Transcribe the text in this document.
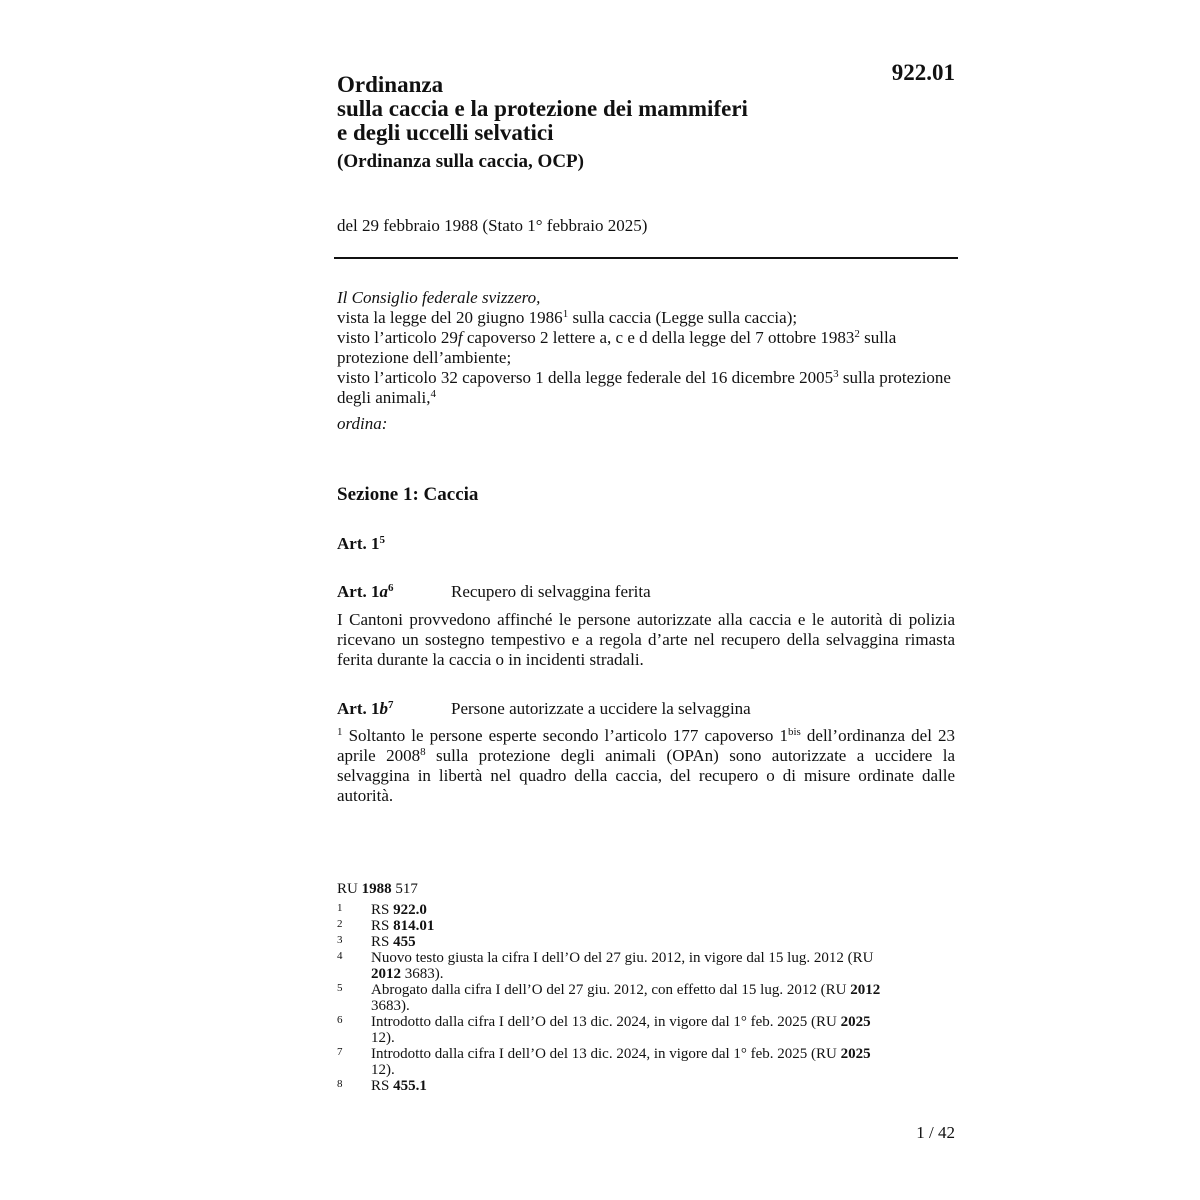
922.01
Ordinanza
sulla caccia e la protezione dei mammiferi
e degli uccelli selvatici
(Ordinanza sulla caccia, OCP)
del 29 febbraio 1988 (Stato 1° febbraio 2025)
Il Consiglio federale svizzero,
vista la legge del 20 giugno 1986$^1$ sulla caccia (Legge sulla caccia);
visto l’articolo 29f capoverso 2 lettere a, c e d della legge del 7 ottobre 1983$^2$ sulla protezione dell’ambiente;
visto l’articolo 32 capoverso 1 della legge federale del 16 dicembre 2005$^3$ sulla protezione degli animali,$^4$
ordina:
Sezione 1: Caccia
Art. $1^5$
Art. $1a^6$	Recupero di selvaggina ferita
I Cantoni provvedono affinché le persone autorizzate alla caccia e le autorità di polizia ricevano un sostegno tempestivo e a regola d’arte nel recupero della selvaggina rimasta ferita durante la caccia o in incidenti stradali.
Art. $1b^7$	Persone autorizzate a uccidere la selvaggina
$^1$ Soltanto le persone esperte secondo l’articolo 177 capoverso $1^{bis}$ dell’ordinanza del 23 aprile 2008$^8$ sulla protezione degli animali (OPAn) sono autorizzate a uccidere la selvaggina in libertà nel quadro della caccia, del recupero o di misure ordinate dalle autorità.
RU 1988 517
1	RS 922.0
2	RS 814.01
3	RS 455
4	Nuovo testo giusta la cifra I dell’O del 27 giu. 2012, in vigore dal 15 lug. 2012 (RU 2012 3683).
5	Abrogato dalla cifra I dell’O del 27 giu. 2012, con effetto dal 15 lug. 2012 (RU 2012 3683).
6	Introdotto dalla cifra I dell’O del 13 dic. 2024, in vigore dal 1° feb. 2025 (RU 2025 12).
7	Introdotto dalla cifra I dell’O del 13 dic. 2024, in vigore dal 1° feb. 2025 (RU 2025 12).
8	RS 455.1
1 / 42
